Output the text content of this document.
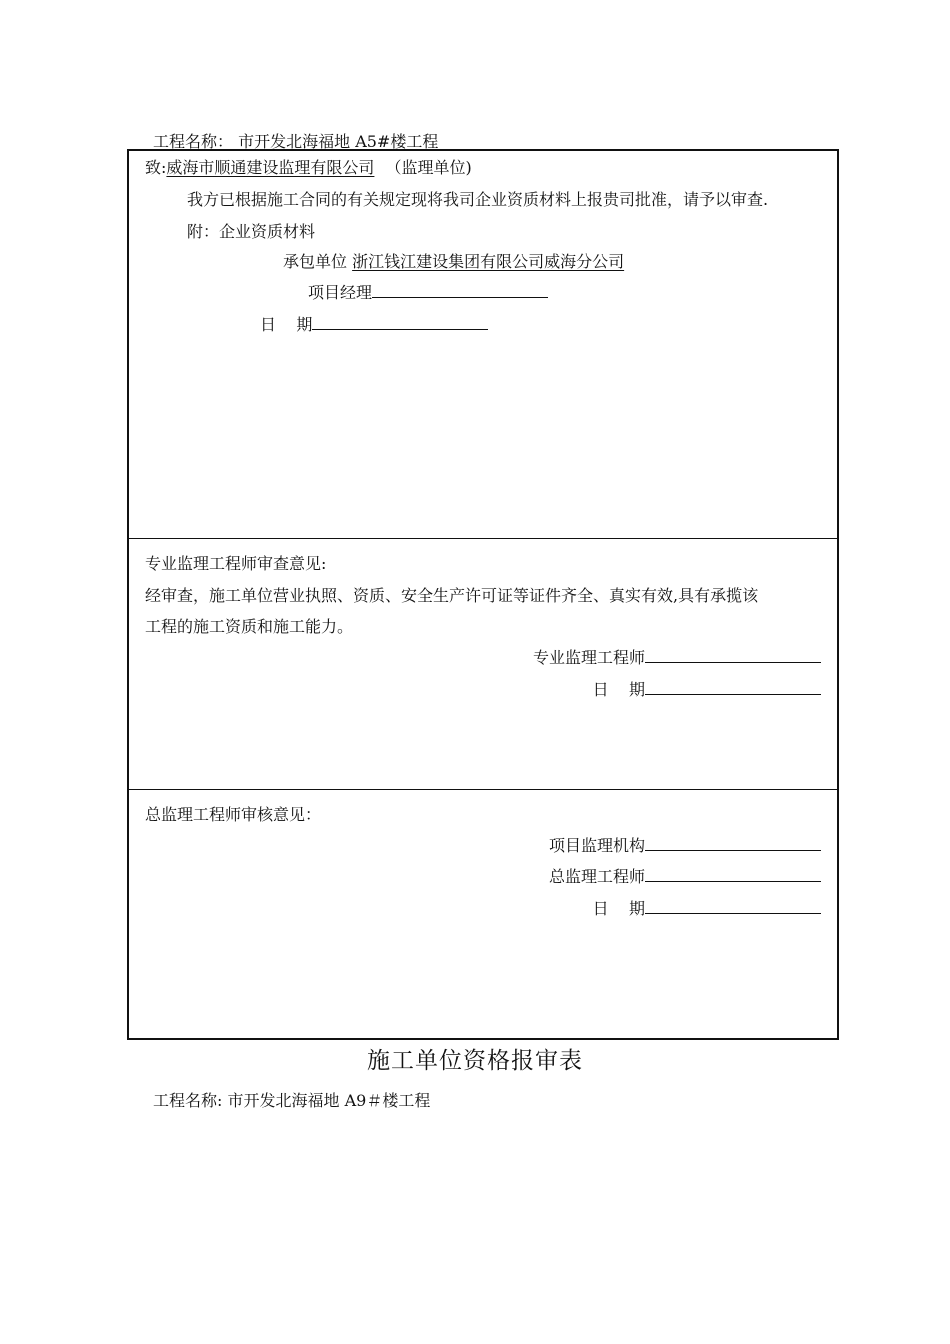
工程名称： 市开发北海福地 A5#楼工程
致:威海市顺通建设监理有限公司 （监理单位)
我方已根据施工合同的有关规定现将我司企业资质材料上报贵司批准，请予以审查.
附：企业资质材料
承包单位 浙江钱江建设集团有限公司威海分公司
项目经理
日    期
专业监理工程师审查意见:
经审查，施工单位营业执照、资质、安全生产许可证等证件齐全、真实有效,具有承揽该
工程的施工资质和施工能力。
专业监理工程师
日    期
总监理工程师审核意见：
项目监理机构
总监理工程师
日    期
施工单位资格报审表
工程名称: 市开发北海福地 A9＃楼工程
